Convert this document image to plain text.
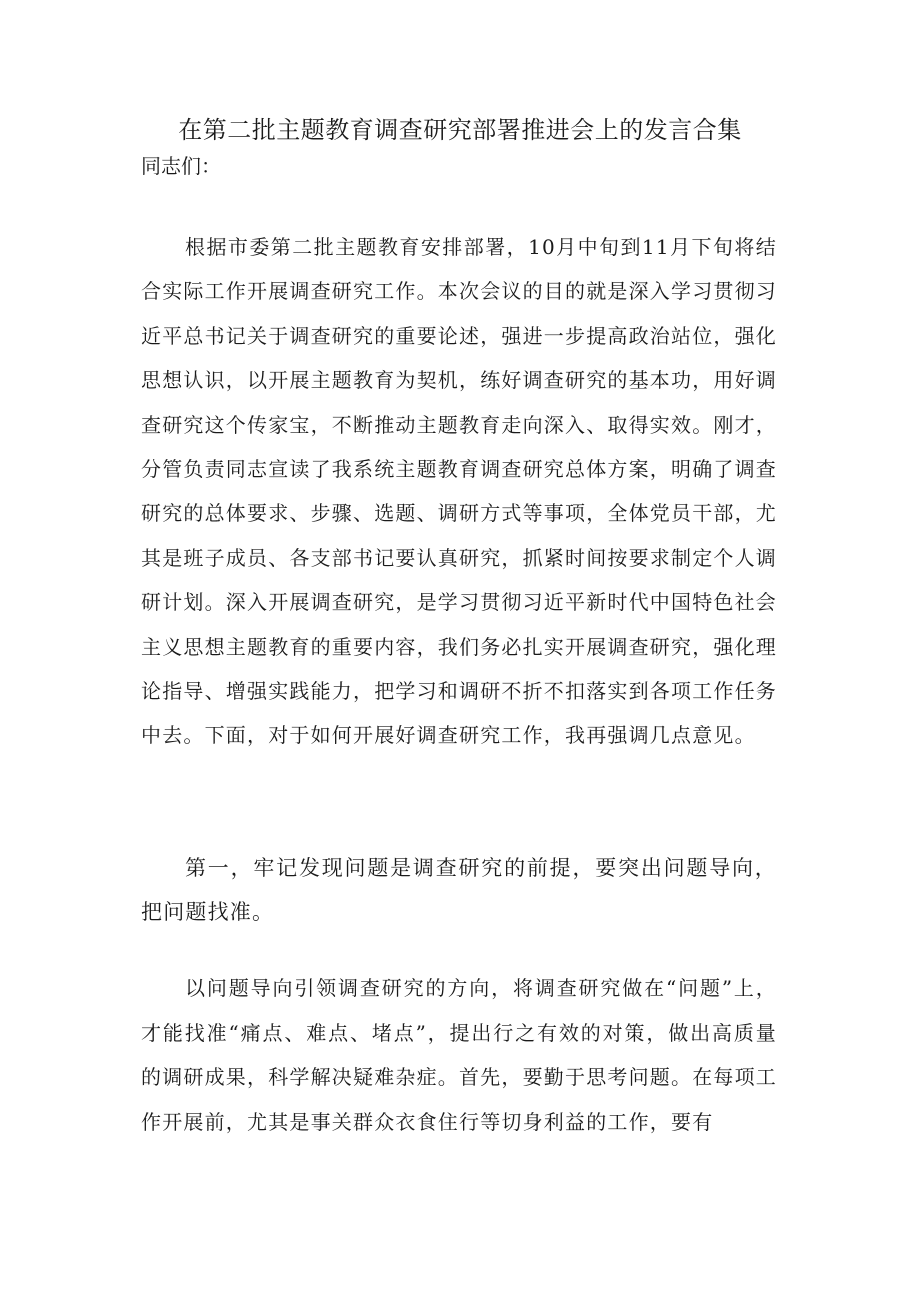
在第二批主题教育调查研究部署推进会上的发言合集

同志们：

根据市委第二批主题教育安排部署，10月中旬到11月下旬将结合实际工作开展调查研究工作。本次会议的目的就是深入学习贯彻习近平总书记关于调查研究的重要论述，强进一步提高政治站位，强化思想认识，以开展主题教育为契机，练好调查研究的基本功，用好调查研究这个传家宝，不断推动主题教育走向深入、取得实效。刚才，分管负责同志宣读了我系统主题教育调查研究总体方案，明确了调查研究的总体要求、步骤、选题、调研方式等事项，全体党员干部，尤其是班子成员、各支部书记要认真研究，抓紧时间按要求制定个人调研计划。深入开展调查研究，是学习贯彻习近平新时代中国特色社会主义思想主题教育的重要内容，我们务必扎实开展调查研究，强化理论指导、增强实践能力，把学习和调研不折不扣落实到各项工作任务中去。下面，对于如何开展好调查研究工作，我再强调几点意见。

第一，牢记发现问题是调查研究的前提，要突出问题导向，把问题找准。

以问题导向引领调查研究的方向，将调查研究做在“问题”上，才能找准“痛点、难点、堵点”，提出行之有效的对策，做出高质量的调研成果，科学解决疑难杂症。首先，要勤于思考问题。在每项工作开展前，尤其是事关群众衣食住行等切身利益的工作，要有
